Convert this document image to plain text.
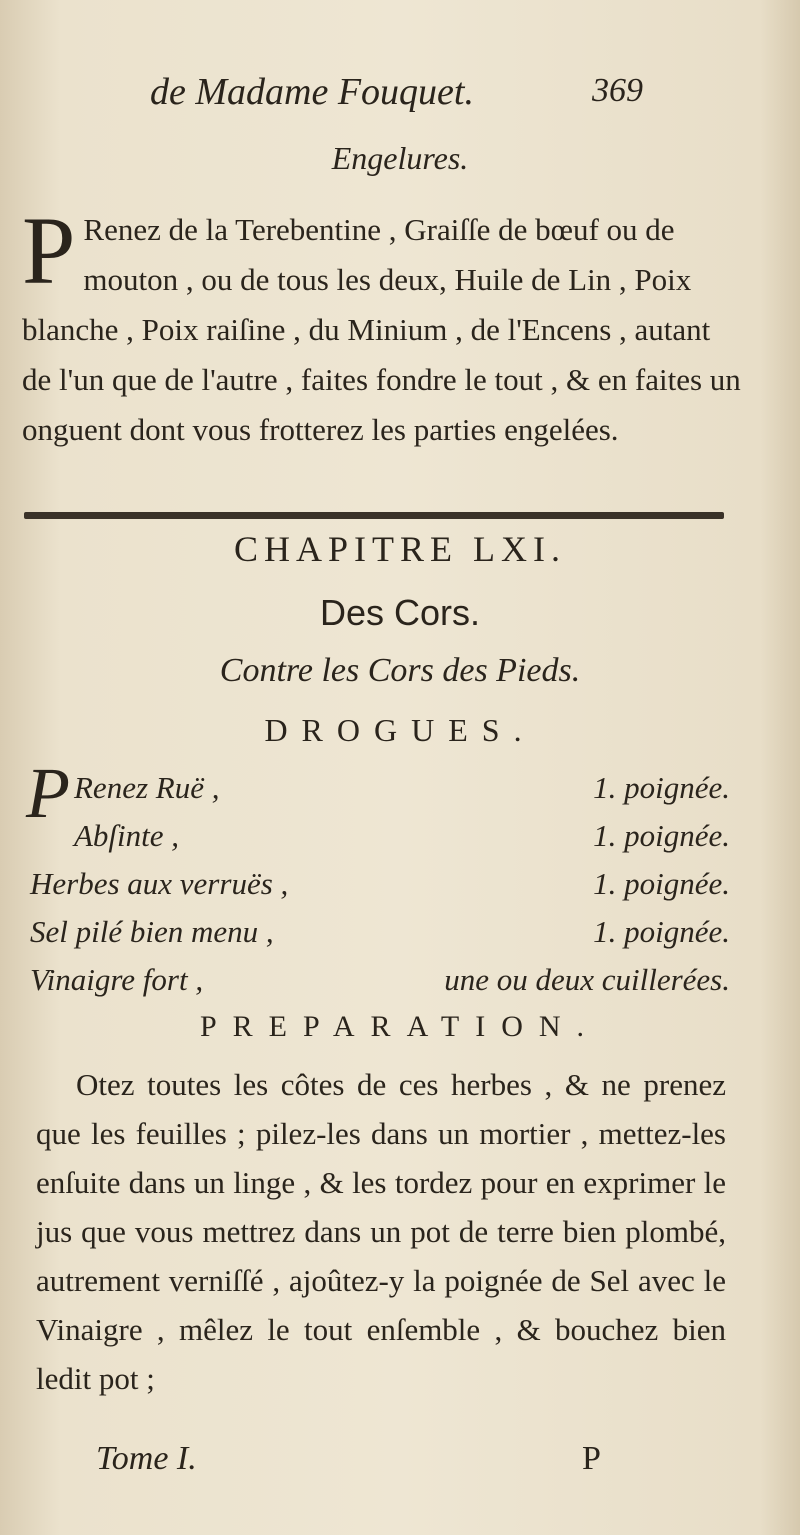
de Madame Fouquet.	369
Engelures.
P Renez de la Terebentine , Graiſſe de bœuf ou de mouton , ou de tous les deux, Huile de Lin , Poix blanche , Poix raiſine , du Minium , de l'Encens , autant de l'un que de l'autre , faites fondre le tout , & en faites un onguent dont vous frotterez les parties engelées.
CHAPITRE LXI.
Des Cors.
Contre les Cors des Pieds.
DROGUES.
P Renez Ruë ,	1. poignée.
Abſinte ,	1. poignée.
Herbes aux verruës ,	1. poignée.
Sel pilé bien menu ,	1. poignée.
Vinaigre fort ,	une ou deux cuillerées.
PREPARATION.
Otez toutes les côtes de ces herbes , & ne prenez que les feuilles ; pilez-les dans un mortier , mettez-les enſuite dans un linge , & les tordez pour en exprimer le jus que vous mettrez dans un pot de terre bien plombé, autrement verniſſé , ajoûtez-y la poignée de Sel avec le Vinaigre , mêlez le tout enſemble , & bouchez bien ledit pot ;
Tome I.	P
